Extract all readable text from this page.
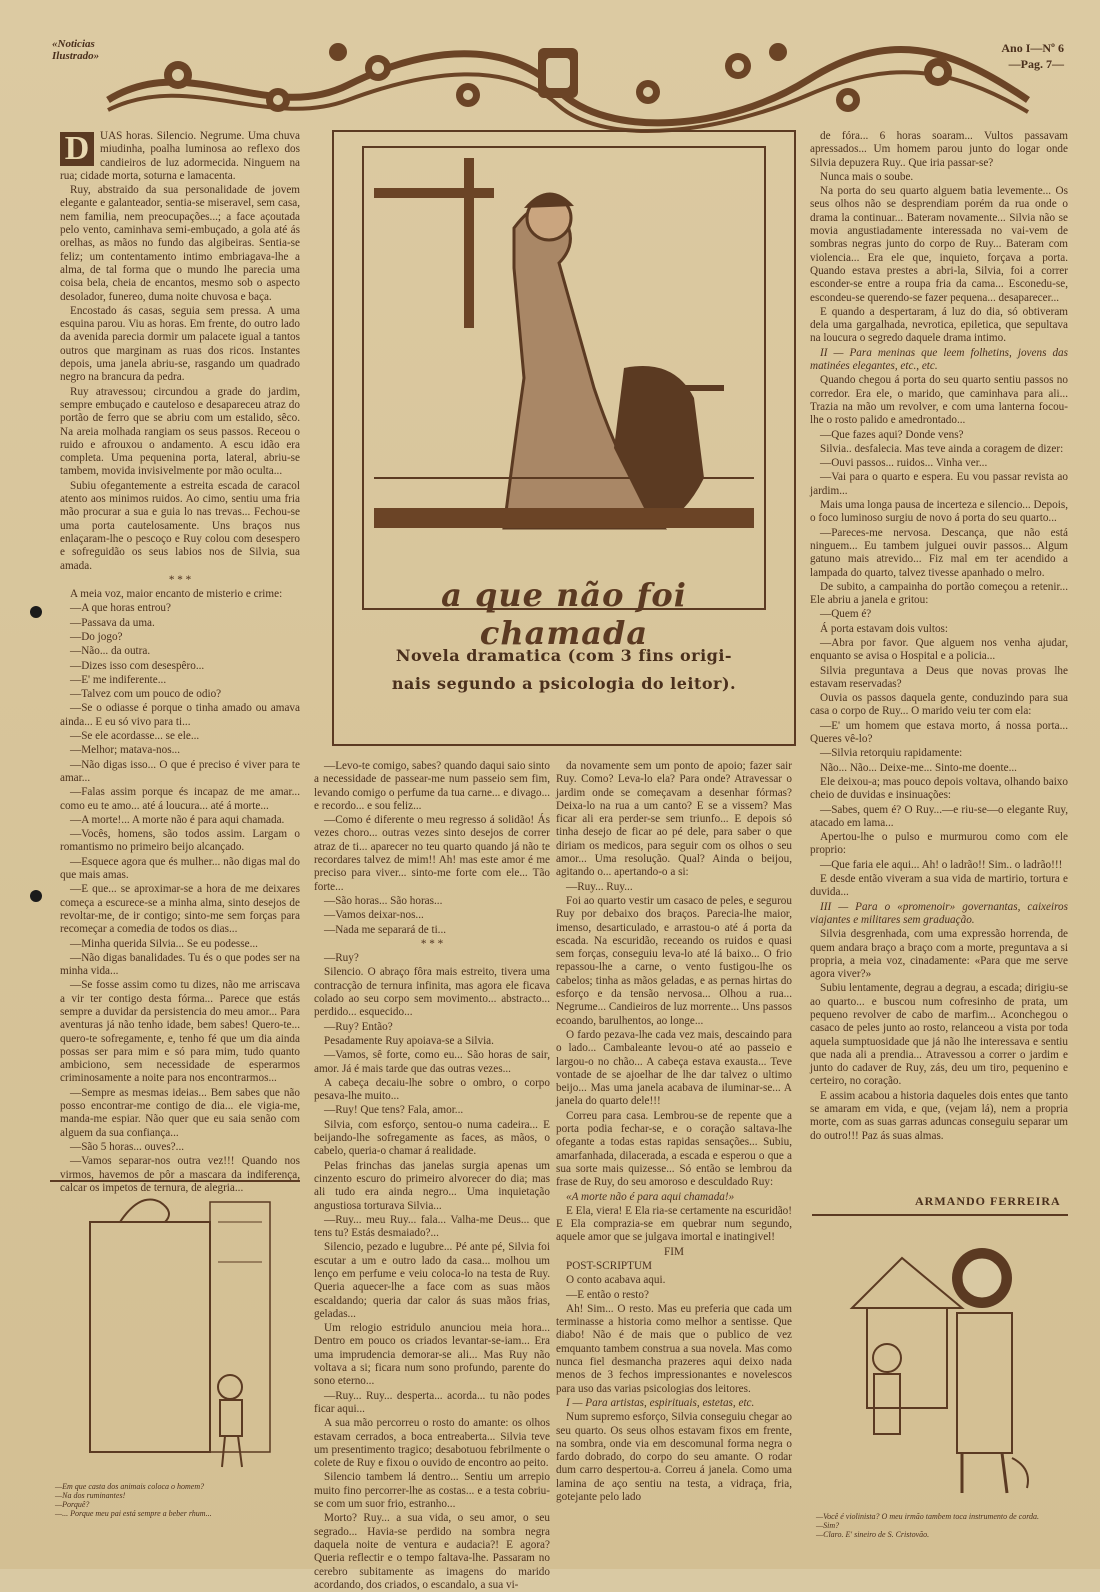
«Noticias Ilustrado»
Ano I—Nº 6
—Pag. 7—
D UAS horas. Silencio. Negrume. Uma chuva miudinha, poalha luminosa ao reflexo dos candieiros de luz adormecida. Ninguem na rua; cidade morta, soturna e lamacenta.

Ruy, abstraido da sua personalidade de jovem elegante e galanteador, sentia-se miseravel, sem casa, nem familia, nem preocupações...; a face açoutada pelo vento, caminhava semi-embuçado, a gola até ás orelhas, as mãos no fundo das algibeiras. Sentia-se feliz; um contentamento intimo embriagava-lhe a alma, de tal forma que o mundo lhe parecia uma coisa bela, cheia de encantos, mesmo sob o aspecto desolador, funereo, duma noite chuvosa e baça.

Encostado ás casas, seguia sem pressa. A uma esquina parou. Viu as horas. Em frente, do outro lado da avenida parecia dormir um palacete igual a tantos outros que marginam as ruas dos ricos. Instantes depois, uma janela abriu-se, rasgando um quadrado negro na brancura da pedra.

Ruy atravessou; circundou a grade do jardim, sempre embuçado e cauteloso e desapareceu atraz do portão de ferro que se abriu com um estalido, sêco. Na areia molhada rangiam os seus passos. Receou o ruido e afrouxou o andamento. A escu idão era completa. Uma pequenina porta, lateral, abriu-se tambem, movida invisivelmente por mão oculta...

Subiu ofegantemente a estreita escada de caracol atento aos minimos ruidos. Ao cimo, sentiu uma fria mão procurar a sua e guia lo nas trevas... Fechou-se uma porta cautelosamente. Uns braços nus enlaçaram-lhe o pescoço e Ruy colou com desespero e sofreguidão os seus labios nos de Silvia, sua amada.

* * *

A meia voz, maior encanto de misterio e crime:

—A que horas entrou?

—Passava da uma.

—Do jogo?

—Não... da outra.

—Dizes isso com desespêro...

—E' me indiferente...

—Talvez com um pouco de odio?

—Se o odiasse é porque o tinha amado ou amava ainda... E eu só vivo para ti...

—Se ele acordasse... se ele...

—Melhor; matava-nos...

—Não digas isso... O que é preciso é viver para te amar...

—Falas assim porque és incapaz de me amar... como eu te amo... até á loucura... até á morte...

—A morte!... A morte não é para aqui chamada.

—Vocês, homens, são todos assim. Largam o romantismo no primeiro beijo alcançado.

—Esquece agora que és mulher... não digas mal do que mais amas.

—E que... se aproximar-se a hora de me deixares começa a escurece-se a minha alma, sinto desejos de revoltar-me, de ir contigo; sinto-me sem forças para recomeçar a comedia de todos os dias...

—Minha querida Silvia... Se eu podesse...

—Não digas banalidades. Tu és o que podes ser na minha vida...

—Se fosse assim como tu dizes, não me arriscava a vir ter contigo desta fórma... Parece que estás sempre a duvidar da persistencia do meu amor... Para aventuras já não tenho idade, bem sabes! Quero-te... quero-te sofregamente, e, tenho fé que um dia ainda possas ser para mim e só para mim, tudo quanto ambiciono, sem necessidade de esperarmos criminosamente a noite para nos encontrarmos...

—Sempre as mesmas ideias... Bem sabes que não posso encontrar-me contigo de dia... ele vigia-me, manda-me espiar. Não quer que eu saia senão com alguem da sua confiança...

—São 5 horas... ouves?...

—Vamos separar-nos outra vez!!! Quando nos virmos, havemos de pôr a mascara da indiferença, calcar os impetos de ternura, de alegria...

—Em que casta dos animais coloca o homem?
—Na dos ruminantes!
—Porquê?
—... Porque meu pai está sempre a beber rhum...
a que não foi chamada
Novela dramatica (com 3 fins origi-
nais segundo a psicologia do leitor).

—Levo-te comigo, sabes? quando daqui saio sinto a necessidade de passear-me num passeio sem fim, levando comigo o perfume da tua carne... e divago... e recordo... e sou feliz...

—Como é diferente o meu regresso á solidão! Ás vezes choro... outras vezes sinto desejos de correr atraz de ti... aparecer no teu quarto quando já não te recordares talvez de mim!! Ah! mas este amor é me preciso para viver... sinto-me forte com ele... Tão forte...

—São horas... São horas...

—Vamos deixar-nos...

—Nada me separará de ti...

* * *

—Ruy?

Silencio. O abraço fôra mais estreito, tivera uma contracção de ternura infinita, mas agora ele ficava colado ao seu corpo sem movimento... abstracto... perdido... esquecido...

—Ruy? Então?

Pesadamente Ruy apoiava-se a Silvia.

—Vamos, sê forte, como eu... São horas de sair, amor. Já é mais tarde que das outras vezes...

A cabeça decaiu-lhe sobre o ombro, o corpo pesava-lhe muito...

—Ruy! Que tens? Fala, amor...

Silvia, com esforço, sentou-o numa cadeira... E beijando-lhe sofregamente as faces, as mãos, o cabelo, queria-o chamar á realidade.

Pelas frinchas das janelas surgia apenas um cinzento escuro do primeiro alvorecer do dia; mas ali tudo era ainda negro... Uma inquietação angustiosa torturava Silvia...

—Ruy... meu Ruy... fala... Valha-me Deus... que tens tu? Estás desmaiado?...

Silencio, pezado e lugubre... Pé ante pé, Silvia foi escutar a um e outro lado da casa... molhou um lenço em perfume e veiu coloca-lo na testa de Ruy. Queria aquecer-lhe a face com as suas mãos escaldando; queria dar calor ás suas mãos frias, geladas...

Um relogio estridulo anunciou meia hora... Dentro em pouco os criados levantar-se-iam... Era uma imprudencia demorar-se ali... Mas Ruy não voltava a si; ficara num sono profundo, parente do sono eterno...

—Ruy... Ruy... desperta... acorda... tu não podes ficar aqui...

A sua mão percorreu o rosto do amante: os olhos estavam cerrados, a boca entreaberta... Silvia teve um presentimento tragico; desabotuou febrilmente o colete de Ruy e fixou o ouvido de encontro ao peito.

Silencio tambem lá dentro... Sentiu um arrepio muito fino percorrer-lhe as costas... e a testa cobriu-se com um suor frio, estranho...

Morto? Ruy... a sua vida, o seu amor, o seu segrado... Havia-se perdido na sombra negra daquela noite de ventura e audacia?! E agora? Queria reflectir e o tempo faltava-lhe. Passaram no cerebro subitamente as imagens do marido acordando, dos criados, o escandalo, a sua vi-

da novamente sem um ponto de apoio; fazer sair Ruy. Como? Leva-lo ela? Para onde? Atravessar o jardim onde se começavam a desenhar fórmas? Deixa-lo na rua a um canto? E se a vissem? Mas ficar ali era perder-se sem triunfo... E depois só tinha desejo de ficar ao pé dele, para saber o que diriam os medicos, para seguir com os olhos o seu amor... Uma resolução. Qual? Ainda o beijou, agitando o... apertando-o a si:

—Ruy... Ruy...

Foi ao quarto vestir um casaco de peles, e segurou Ruy por debaixo dos braços. Parecia-lhe maior, imenso, desarticulado, e arrastou-o até á porta da escada. Na escuridão, receando os ruidos e quasi sem forças, conseguiu leva-lo até lá baixo... O frio repassou-lhe a carne, o vento fustigou-lhe os cabelos; tinha as mãos geladas, e as pernas hirtas do esforço e da tensão nervosa... Olhou a rua... Negrume... Candieiros de luz morrente... Uns passos ecoando, barulhentos, ao longe...

O fardo pezava-lhe cada vez mais, descaindo para o lado... Cambaleante levou-o até ao passeio e largou-o no chão... A cabeça estava exausta... Teve vontade de se ajoelhar de lhe dar talvez o ultimo beijo... Mas uma janela acabava de iluminar-se... A janela do quarto dele!!!

Correu para casa. Lembrou-se de repente que a porta podia fechar-se, e o coração saltava-lhe ofegante a todas estas rapidas sensações... Subiu, amarfanhada, dilacerada, a escada e esperou o que a sua sorte mais quizesse... Só então se lembrou da frase de Ruy, do seu amoroso e desculdado Ruy:

«A morte não é para aqui chamada!»

E Ela, viera! E Ela ria-se certamente na escuridão! E Ela comprazia-se em quebrar num segundo, aquele amor que se julgava imortal e inatingivel!

FIM

POST-SCRIPTUM

O conto acabava aqui.

—E então o resto?

Ah! Sim... O resto. Mas eu preferia que cada um terminasse a historia como melhor a sentisse. Que diabo! Não é de mais que o publico de vez emquanto tambem construa a sua novela. Mas como nunca fiel desmancha prazeres aqui deixo nada menos de 3 fechos impressionantes e novelescos para uso das varias psicologias dos leitores.

I — Para artistas, espirituais, estetas, etc.

Num supremo esforço, Silvia conseguiu chegar ao seu quarto. Os seus olhos estavam fixos em frente, na sombra, onde via em descomunal forma negra o fardo dobrado, do corpo do seu amante. O rodar dum carro despertou-a. Correu á janela. Como uma lamina de aço sentiu na testa, a vidraça, fria, gotejante pelo lado

de fóra... 6 horas soaram... Vultos passavam apressados... Um homem parou junto do logar onde Silvia depuzera Ruy.. Que iria passar-se?

Nunca mais o soube.

Na porta do seu quarto alguem batia levemente... Os seus olhos não se desprendiam porém da rua onde o drama la continuar... Bateram novamente... Silvia não se movia angustiadamente interessada no vai-vem de sombras negras junto do corpo de Ruy... Bateram com violencia... Era ele que, inquieto, forçava a porta. Quando estava prestes a abri-la, Silvia, foi a correr esconder-se entre a roupa fria da cama... Esconedu-se, escondeu-se querendo-se fazer pequena... desaparecer...

E quando a despertaram, á luz do dia, só obtiveram dela uma gargalhada, nevrotica, epiletica, que sepultava na loucura o segredo daquele drama intimo.

II — Para meninas que leem folhetins, jovens das matinées elegantes, etc., etc.

Quando chegou á porta do seu quarto sentiu passos no corredor. Era ele, o marido, que caminhava para ali... Trazia na mão um revolver, e com uma lanterna focou-lhe o rosto palido e amedrontado...

—Que fazes aqui? Donde vens?

Silvia.. desfalecia. Mas teve ainda a coragem de dizer:

—Ouvi passos... ruidos... Vinha ver...

—Vai para o quarto e espera. Eu vou passar revista ao jardim...

Mais uma longa pausa de incerteza e silencio... Depois, o foco luminoso surgiu de novo á porta do seu quarto...

—Pareces-me nervosa. Descança, que não está ninguem... Eu tambem julguei ouvir passos... Algum gatuno mais atrevido... Fiz mal em ter acendido a lampada do quarto, talvez tivesse apanhado o melro.

De subito, a campainha do portão começou a retenir... Ele abriu a janela e gritou:

—Quem é?

Á porta estavam dois vultos:

—Abra por favor. Que alguem nos venha ajudar, enquanto se avisa o Hospital e a policia...

Silvia preguntava a Deus que novas provas lhe estavam reservadas?

Ouvia os passos daquela gente, conduzindo para sua casa o corpo de Ruy... O marido veiu ter com ela:

—E' um homem que estava morto, á nossa porta... Queres vê-lo?

—Silvia retorquiu rapidamente:

Não... Não... Deixe-me... Sinto-me doente...

Ele deixou-a; mas pouco depois voltava, olhando baixo cheio de duvidas e insinuações:

—Sabes, quem é? O Ruy...—e riu-se—o elegante Ruy, atacado em lama...

Apertou-lhe o pulso e murmurou como com ele proprio:

—Que faria ele aqui... Ah! o ladrão!! Sim.. o ladrão!!!

E desde então viveram a sua vida de martirio, tortura e duvida...

III — Para o «promenoir» governantas, caixeiros viajantes e militares sem graduação.

Silvia desgrenhada, com uma expressão horrenda, de quem andara braço a braço com a morte, preguntava a si propria, a meia voz, cinadamente: «Para que me serve agora viver?»

Subiu lentamente, degrau a degrau, a escada; dirigiu-se ao quarto... e buscou num cofresinho de prata, um pequeno revolver de cabo de marfim... Aconchegou o casaco de peles junto ao rosto, relanceou a vista por toda aquela sumptuosidade que já não lhe interessava e sentiu que nada ali a prendia... Atravessou a correr o jardim e junto do cadaver de Ruy, zás, deu um tiro, pequenino e certeiro, no coração.

E assim acabou a historia daqueles dois entes que tanto se amaram em vida, e que, (vejam lá), nem a propria morte, com as suas garras aduncas conseguiu separar um do outro!!! Paz ás suas almas.

ARMANDO FERREIRA
—Você é violinista? O meu irmão tambem toca instrumento de corda.
—Sim?
—Claro. E' sineiro de S. Cristovão.
